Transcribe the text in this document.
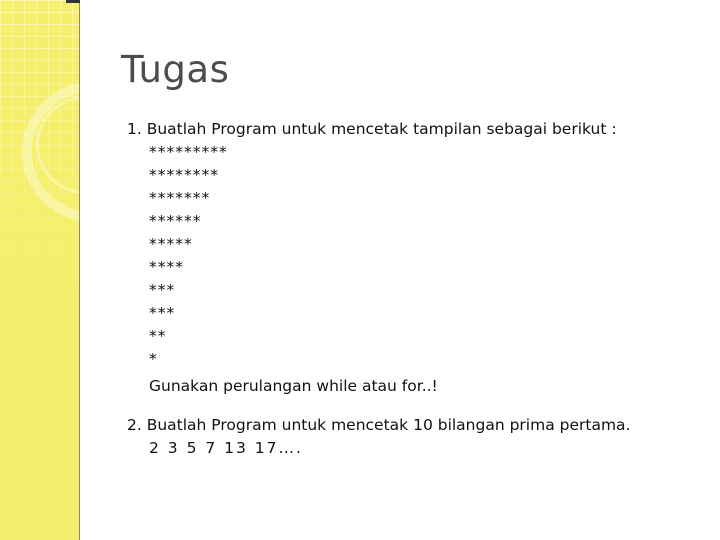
Tugas
1. Buatlah Program untuk mencetak tampilan sebagai berikut :
*********
********
*******
******
*****
****
***
***
**
*
Gunakan perulangan while atau for..!
2. Buatlah Program untuk mencetak 10 bilangan prima pertama.
2 3 5 7 13 17….
